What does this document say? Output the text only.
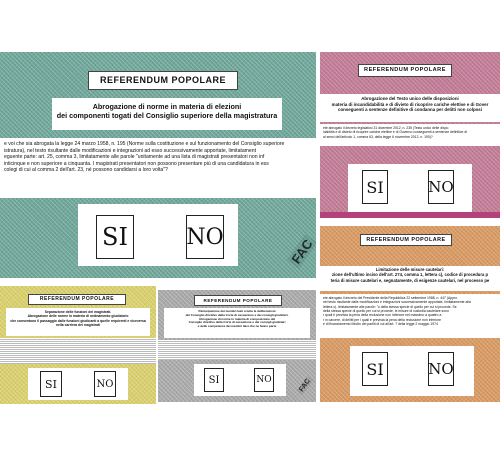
REFERENDUM POPOLARE
Abrogazione di norme in materia di elezioni
dei componenti togati del Consiglio superiore della magistratura
e voi che sia abrogata la legge 24 marzo 1958, n. 195 (Norme sulla costituzione e sul funzionamento del Consiglio superiore
istratura), nel testo risultante dalle modificazioni e integrazioni ad esso successivamente apportate, limitatament
eguente parte: art. 25, comma 3, limitatamente alle parole "unitamente ad una lista di magistrati presentatori non inf
inticinque e non superiore a cinquanta. I magistrati presentatori non possono presentare più di una candidatura in ess
colegi di cui al comma 2 dell'art. 23, né possono candidarsi a loro volta"?
SI	NO	FAC
REFERENDUM POPOLARE
Abrogazione del Testo unico delle disposizioni
materia di incandidabilità e di divieto di ricoprire cariche elettive e di Gover
conseguenti a sentenze definitive di condanna per delitti non colposi
ete abrogato il decreto legislativo 31 dicembre 2012, n. 235 (Testo unico delle dispo
idabilità e di divieto di ricoprire cariche elettive e di Governo conseguenti a sentenze definitive di
ai sensi dell'articolo 1, comma 63, della legge 6 novembre 2012, n. 190)?
SI	NO
REFERENDUM POPOLARE
Limitazione delle misure cautelari:
zione dell'ultimo inciso dell'art. 274, comma 1, lettera c), codice di procedura p
teria di misure cautelari e, segnatamente, di esigenze cautelari, nel processo pe
ete abrogato il decreto del Presidente della Repubblica 22 settembre 1988, n. 447 (Appro
nel testo risultante dalle modificazioni e integrazioni successivamente apportate, limitatamente alla
lettera c), limitatamente alle parole: "o della stessa specie di quello per cui si procede. Se
della stessa specie di quello per cui si procede, le misure di custodia cautelare sono
r quali è prevista la pena della reclusione non inferiore nel massimo a quattro a
r in carcere, di delitti per i quali è prevista la pena della reclusione non inferiore
e di finanziamento illecito dei partiti di cui all'art. 7 della legge 2 maggio 1974
SI	NO
REFERENDUM POPOLARE
Separazione delle funzioni dei magistrati.
Abrogazione delle norme in materia di ordinamento giudiziario
che consentono il passaggio dalle funzioni giudicanti a quelle requirenti e viceversa
nella carriera dei magistrati
SI	NO
REFERENDUM POPOLARE
Partecipazione dei membri laici a tutte le deliberazioni
del Consiglio direttivo della Corte di cassazione e dei consigli giudiziari.
Abrogazione di norme in materia di composizione del
Consiglio direttivo della Corte di cassazione e dei consigli giudiziari
e delle competenze dei membri laici che ne fanno parte
SI	NO	FAC
